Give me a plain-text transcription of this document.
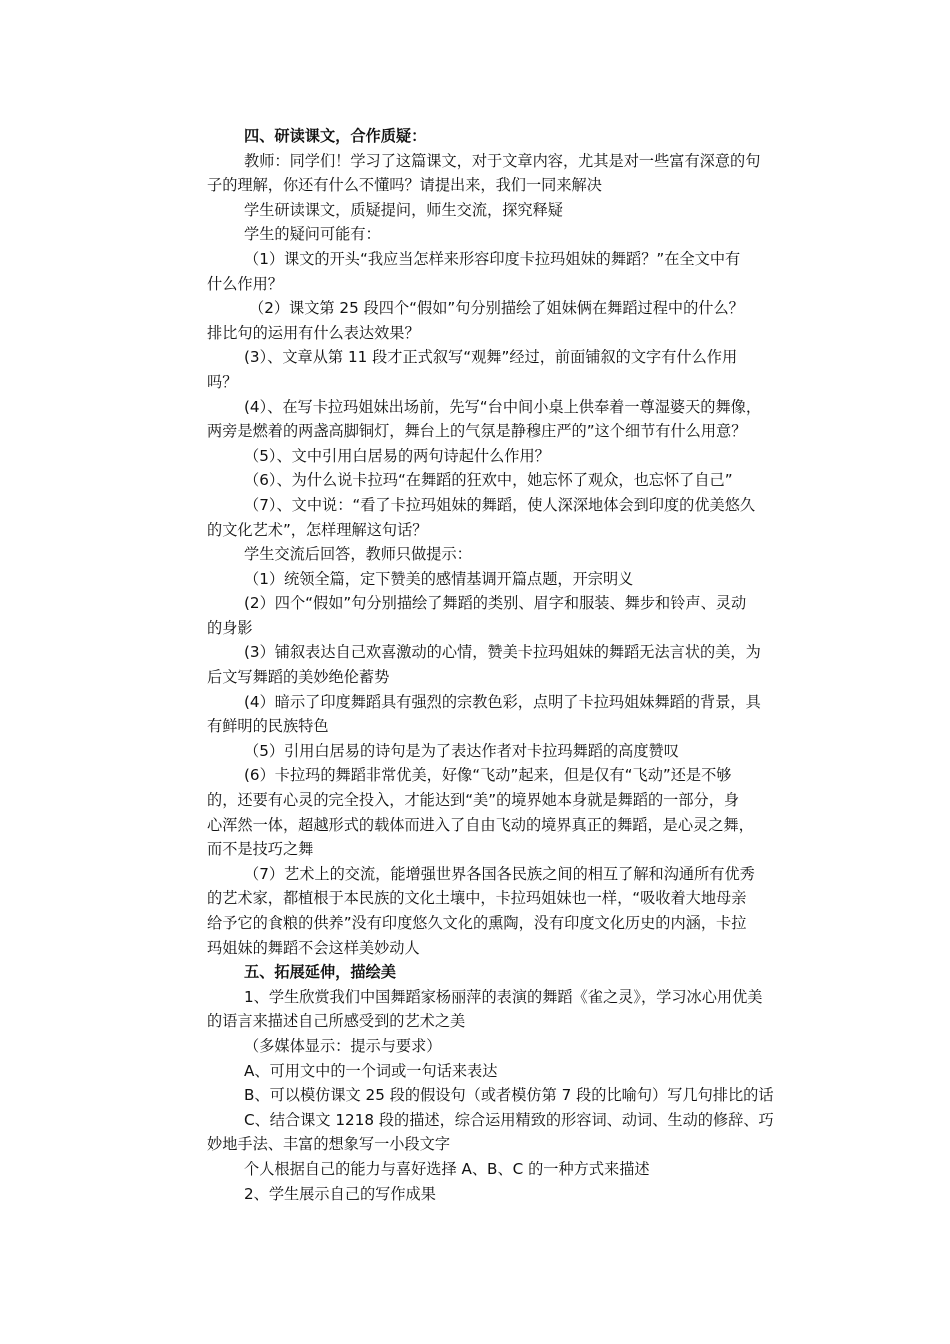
四、研读课文，合作质疑：
教师：同学们！学习了这篇课文，对于文章内容，尤其是对一些富有深意的句
子的理解，你还有什么不懂吗？请提出来，我们一同来解决
学生研读课文，质疑提问，师生交流，探究释疑
学生的疑问可能有：
（1）课文的开头“我应当怎样来形容印度卡拉玛姐妹的舞蹈？”在全文中有
什么作用？
（2）课文第 25 段四个“假如”句分别描绘了姐妹俩在舞蹈过程中的什么？
排比句的运用有什么表达效果？
(3）、文章从第 11 段才正式叙写“观舞”经过，前面铺叙的文字有什么作用
吗？
(4）、在写卡拉玛姐妹出场前，先写“台中间小桌上供奉着一尊湿婆天的舞像，
两旁是燃着的两盏高脚铜灯，舞台上的气氛是静穆庄严的”这个细节有什么用意？
（5）、文中引用白居易的两句诗起什么作用？
（6）、为什么说卡拉玛“在舞蹈的狂欢中，她忘怀了观众，也忘怀了自己”
（7）、文中说：“看了卡拉玛姐妹的舞蹈，使人深深地体会到印度的优美悠久
的文化艺术”，怎样理解这句话？
学生交流后回答，教师只做提示：
（1）统领全篇，定下赞美的感情基调开篇点题，开宗明义
(2）四个“假如”句分别描绘了舞蹈的类别、眉字和服装、舞步和铃声、灵动
的身影
(3）铺叙表达自己欢喜激动的心情，赞美卡拉玛姐妹的舞蹈无法言状的美，为
后文写舞蹈的美妙绝伦蓄势
(4）暗示了印度舞蹈具有强烈的宗教色彩，点明了卡拉玛姐妹舞蹈的背景，具
有鲜明的民族特色
（5）引用白居易的诗句是为了表达作者对卡拉玛舞蹈的高度赞叹
(6）卡拉玛的舞蹈非常优美，好像“飞动”起来，但是仅有“飞动”还是不够
的，还要有心灵的完全投入，才能达到“美”的境界她本身就是舞蹈的一部分，身
心浑然一体，超越形式的载体而进入了自由飞动的境界真正的舞蹈，是心灵之舞，
而不是技巧之舞
（7）艺术上的交流，能增强世界各国各民族之间的相互了解和沟通所有优秀
的艺术家，都植根于本民族的文化土壤中，卡拉玛姐妹也一样，“吸收着大地母亲
给予它的食粮的供养”没有印度悠久文化的熏陶，没有印度文化历史的内涵，卡拉
玛姐妹的舞蹈不会这样美妙动人
五、拓展延伸，描绘美
1、学生欣赏我们中国舞蹈家杨丽萍的表演的舞蹈《雀之灵》，学习冰心用优美
的语言来描述自己所感受到的艺术之美
（多媒体显示：提示与要求）
A、可用文中的一个词或一句话来表达
B、可以模仿课文 25 段的假设句（或者模仿第 7 段的比喻句）写几句排比的话
C、结合课文 1218 段的描述，综合运用精致的形容词、动词、生动的修辞、巧
妙地手法、丰富的想象写一小段文字
个人根据自己的能力与喜好选择 A、B、C 的一种方式来描述
2、学生展示自己的写作成果
